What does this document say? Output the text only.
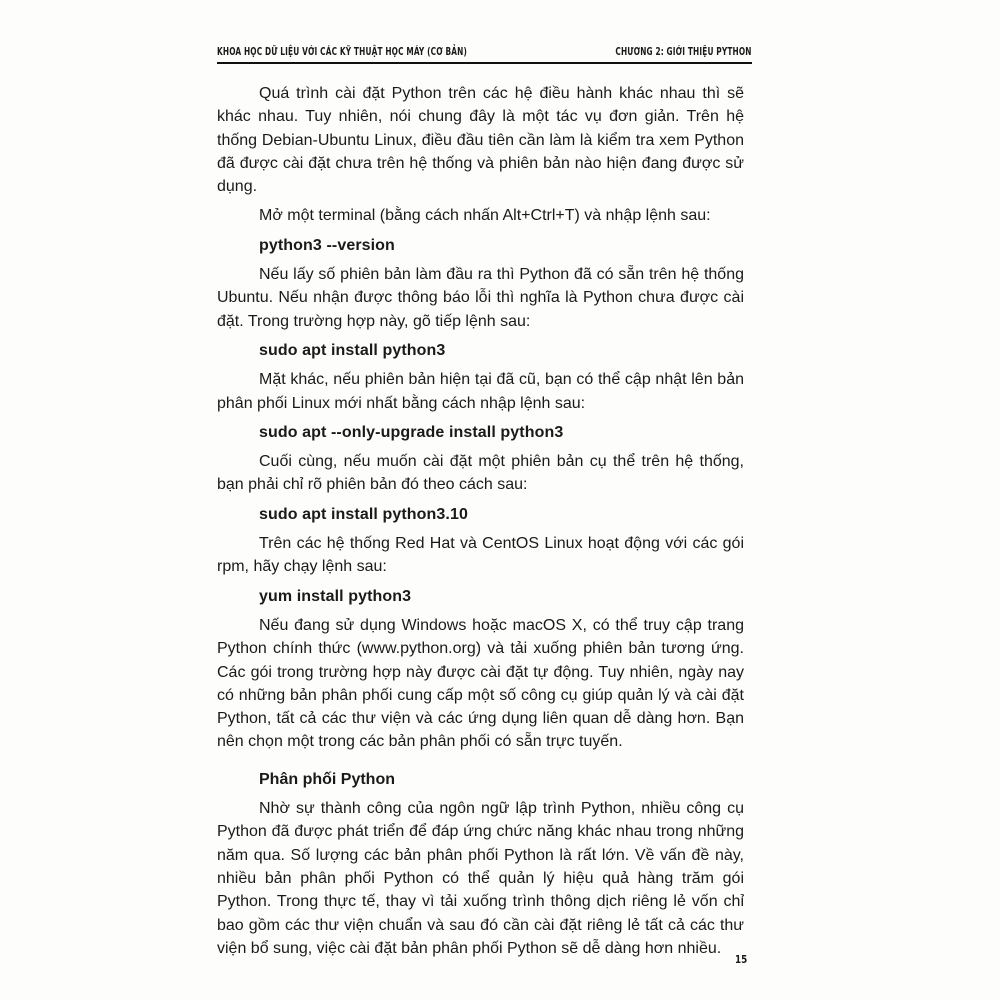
KHOA HỌC DỮ LIỆU VỚI CÁC KỸ THUẬT HỌC MÁY (CƠ BẢN)	CHƯƠNG 2: GIỚI THIỆU PYTHON

Quá trình cài đặt Python trên các hệ điều hành khác nhau thì sẽ khác nhau. Tuy nhiên, nói chung đây là một tác vụ đơn giản. Trên hệ thống Debian-Ubuntu Linux, điều đầu tiên cần làm là kiểm tra xem Python đã được cài đặt chưa trên hệ thống và phiên bản nào hiện đang được sử dụng.

Mở một terminal (bằng cách nhấn Alt+Ctrl+T) và nhập lệnh sau:

python3 --version

Nếu lấy số phiên bản làm đầu ra thì Python đã có sẵn trên hệ thống Ubuntu. Nếu nhận được thông báo lỗi thì nghĩa là Python chưa được cài đặt. Trong trường hợp này, gõ tiếp lệnh sau:

sudo apt install python3

Mặt khác, nếu phiên bản hiện tại đã cũ, bạn có thể cập nhật lên bản phân phối Linux mới nhất bằng cách nhập lệnh sau:

sudo apt --only-upgrade install python3

Cuối cùng, nếu muốn cài đặt một phiên bản cụ thể trên hệ thống, bạn phải chỉ rõ phiên bản đó theo cách sau:

sudo apt install python3.10

Trên các hệ thống Red Hat và CentOS Linux hoạt động với các gói rpm, hãy chạy lệnh sau:

yum install python3

Nếu đang sử dụng Windows hoặc macOS X, có thể truy cập trang Python chính thức (www.python.org) và tải xuống phiên bản tương ứng. Các gói trong trường hợp này được cài đặt tự động. Tuy nhiên, ngày nay có những bản phân phối cung cấp một số công cụ giúp quản lý và cài đặt Python, tất cả các thư viện và các ứng dụng liên quan dễ dàng hơn. Bạn nên chọn một trong các bản phân phối có sẵn trực tuyến.

Phân phối Python

Nhờ sự thành công của ngôn ngữ lập trình Python, nhiều công cụ Python đã được phát triển để đáp ứng chức năng khác nhau trong những năm qua. Số lượng các bản phân phối Python là rất lớn. Về vấn đề này, nhiều bản phân phối Python có thể quản lý hiệu quả hàng trăm gói Python. Trong thực tế, thay vì tải xuống trình thông dịch riêng lẻ vốn chỉ bao gồm các thư viện chuẩn và sau đó cần cài đặt riêng lẻ tất cả các thư viện bổ sung, việc cài đặt bản phân phối Python sẽ dễ dàng hơn nhiều.

15
